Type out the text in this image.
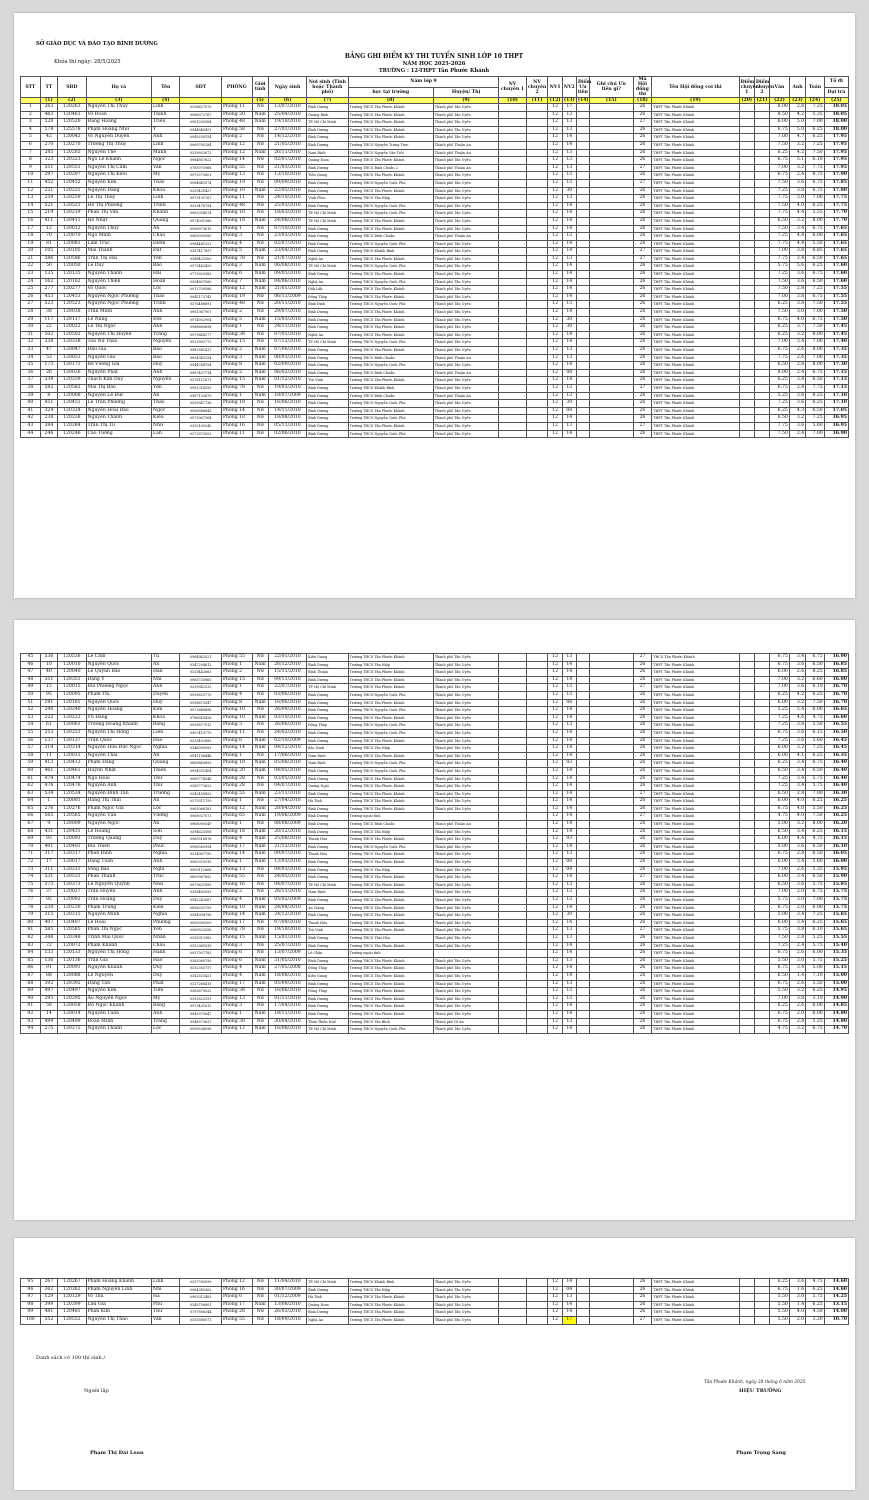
SỞ GIÁO DỤC VÀ ĐÀO TẠO BÌNH DƯƠNG
Khóa thi ngày: 28/5/2025
BẢNG GHI ĐIỂM KỲ THI TUYỂN SINH LỚP 10 THPT
NĂM HỌC 2025-2026
TRƯỜNG : 12-THPT Tân Phước Khánh
STT	TT	SBD	Họ và	Tên	SDT	PHÒNG	Giới tính	Ngày sinh	Nơi sinh (Tỉnh hoặc Thành phố)	Năm lớp 9		NV chuyên 1	NV chuyên 2	NV1	NV2	Điểm Ưu tiên	Ghi chú Ưu tiên gì?	Mã Hội đồng thi	Tên Hội đồng coi thi	Điểm chuyên 1	Điểm chuyên 2	Văn	Anh	Toán	Tổ đi
										học tại trường	Huyện/ Thị														Đại trà
	(1)	(2)	(3)	(4)			(5)	(6)	(7)	(8)	(9)	(10)	(11)	(12)	(13)	(14)	(15)	(18)	(19)	(20)	(21)	(22)	(23)	(24)	(25)
1	263	120263	Nguyễn Thị Thúy	Linh	0336627075	Phòng 11	Nữ	13/07/2010	Bình Dương	Trường THCS Tân Phước Khánh	Thành phố Tân Uyên			12	17			26	THPT Tân Phước Khánh			8.00	2.8	7.25	18.05
2	463	120463	Võ Đoàn	Thịnh	0966572767	Phòng 20	Nam	25/04/2010	Quảng Bình	Trường THCS Tân Phước Khánh	Thành phố Tân Uyên			12	13			26	THPT Tân Phước Khánh			8.50	4.2	5.35	18.05
3	520	120520	Đặng Hoàng	Triều	0961265584	Phòng 48	Nam	19/10/2010	TP. Hồ Chí Minh	Trường THCS Tân Phước Khánh	Thành phố Tân Uyên			12	13			27	THPT Tân Phước Khánh			6.00	5.0	7.00	18.00
4	578	125578	Phạm Hoàng Như	Ý	0944840451	Phòng 58	Nữ	27/01/2010	Bình Dương	Trường THCS Tân Phước Khánh	Thành phố Tân Uyên			12	13			26	THPT Tân Phước Khánh			6.75	5.0	6.25	18.00
5	42	120042	Võ Nguyễn Duyên	Anh	0949258154	Phòng 2	Nữ	14/12/2010	Bình Dương	Trường THCS Tân Phước Khánh	Thành phố Tân Uyên			12	14			26	THPT Tân Phước Khánh			7.00	4.7	6.25	17.95
6	270	120270	Trương Thị Thùy	Linh	0969785284	Phòng 12	Nữ	21/05/2010	Bình Dương	Trường THCS Nguyễn Trung Trực	Thành phố Thuận An			12	14			26	THPT Tân Phước Khánh			7.50	3.2	7.25	17.95
7	285	120285	Nguyễn Thế	Mạnh	0339932672	Phòng 12	Nam	26/11/2010	Nam Định	Trường THCS Nguyễn Văn Trỗi	Thành phố Thuận An			12	13			26	THPT Tân Phước Khánh			6.25	4.2	7.50	17.95
8	323	120323	Ngô Lê Khánh	Ngọc	0964807622	Phòng 14	Nữ	02/01/2010	Quảng Nam	Trường THCS Tân Phước Khánh	Thành phố Tân Uyên			12	13			26	THPT Tân Phước Khánh			6.75	5.1	6.10	17.95
9	551	120551	Nguyễn Thị Cẩm	Vân	0785075968	Phòng 55	Nữ	21/03/2010	Bình Dương	Trường THCS Bình Chuẩn 2	Thành phố Thuận An			12	13			27	THPT Tân Phước Khánh			7.00	3.2	7.75	17.95
10	297	120297	Nguyễn Thị Kiều	My	0975575601	Phòng 13	Nữ	13/10/2010	Tiền Giang	Trường THCS Tân Phước Khánh	Thành phố Tân Uyên			12	13			26	THPT Tân Phước Khánh			6.75	2.4	8.75	17.90
11	452	120452	Nguyễn Kim	Thảo	0984841074	Phòng 19	Nữ	09/09/2010	Bình Dương	Trường THCS Nguyễn Quốc Phú	Thành phố Tân Uyên			12	13			27	THPT Tân Phước Khánh			7.50	3.6	6.75	17.85
12	221	120221	Nguyễn Đăng	Khoa	0339435427	Phòng 10	Nam	22/05/2010	Bình Dương	Trường THCS Tân Phước Khánh	Thành phố Tân Uyên			12	30			26	THPT Tân Phước Khánh			7.25	3.8	6.75	17.80
13	259	120259	Lê Thị Thùy	Linh	0979131767	Phòng 11	Nữ	24/10/2010	Vĩnh Phúc	Trường THCS Tân Hiệp	Thành phố Tân Uyên			12	13			26	THPT Tân Phước Khánh			7.75	3.0	7.00	17.75
14	521	120521	Hồ Thị Phương	Trinh	0339478794	Phòng 48	Nữ	25/03/2010	Bình Dương	Trường THCS Nguyễn Quốc Phú	Thành phố Tân Uyên			12	14			26	THPT Tân Phước Khánh			7.50	4.0	6.25	17.75
15	219	120219	Phan Thị Vân	Khánh	0962054074	Phòng 10	Nữ	18/03/2010	TP. Hồ Chí Minh	Trường THCS Nguyễn Quốc Phú	Thành phố Tân Uyên			12	14			26	THPT Tân Phước Khánh			7.75	4.4	5.55	17.70
16	411	120411	Hồ Nhật	Quang	0974001386	Phòng 18	Nam	24/08/2010	TP. Hồ Chí Minh	Trường THCS Tân Phước Khánh	Thành phố Tân Uyên			12	14			26	THPT Tân Phước Khánh			6.50	3.2	8.00	17.70
17	12	120012	Nguyễn Thùy	An	0906973619	Phòng 1	Nữ	07/10/2010	Bình Dương	Trường THCS Tân Phước Khánh	Thành phố Tân Uyên			12	14			26	THPT Tân Phước Khánh			7.50	3.4	6.75	17.65
18	70	120070	Ngô Minh	Châu	0963090580	Phòng 3	Nữ	23/03/2010	Bình Dương	Trường THCS Bình Chuẩn	Thành phố Thuận An			12	13			26	THPT Tân Phước Khánh			7.25	4.4	6.00	17.65
19	81	120081	Lâm Trúc	Diễm	0984481322	Phòng 4	Nữ	02/07/2010	Bình Dương	Trường THCS Nguyễn Quốc Phú	Thành phố Tân Uyên			12	14			26	THPT Tân Phước Khánh			7.75	4.4	5.50	17.65
20	105	120105	Mai Thành	Đạt	0367417897	Phòng 5	Nam	23/04/2010	Bình Dương	Trường THCS Khánh Bình	Thành phố Tân Uyên			12	14			27	THPT Tân Phước Khánh			7.00	3.8	6.85	17.65
21	586	120586	Trần Thị Hải	Yến	0388421500	Phòng 78	Nữ	21/07/2010	Nghệ An	Trường THCS Tân Phước Khánh	Thành phố Tân Uyên			12	13			27	THPT Tân Phước Khánh			7.75	3.4	6.50	17.65
22	50	120050	Lê Duy	Bảo	0972443420	Phòng 3	Nam	06/08/2010	TP. Hồ Chí Minh	Trường THCS Nguyễn Quốc Phú	Thành phố Tân Uyên			12	14			26	THPT Tân Phước Khánh			5.75	5.6	6.25	17.60
23	135	120135	Nguyễn Thành	Hải	0773920383	Phòng 6	Nam	09/05/2010	Bình Dương	Trường THCS Tân Phước Khánh	Thành phố Tân Uyên			12	14			26	THPT Tân Phước Khánh			7.25	3.6	6.75	17.60
24	162	120162	Nguyễn Thiện	Hoàn	0904807060	Phòng 7	Nam	04/06/2010	Nghệ An	Trường THCS Nguyễn Quốc Phú	Thành phố Tân Uyên			12	14			26	THPT Tân Phước Khánh			7.50	3.6	6.50	17.60
25	277	120277	Võ Quốc	Lộc	0912709586	Phòng 12	Nam	21/01/2010	Đắk Lắk	Trường THCS Tân Phước Khánh	Thành phố Tân Uyên			12	14			26	THPT Tân Phước Khánh			7.50	2.8	7.25	17.55
26	453	120453	Nguyễn Ngọc Phương	Thảo	0945173745	Phòng 19	Nữ	06/11/2009	Đồng Tháp	Trường THCS Tân Phước Khánh	Thành phố Tân Uyên			12	14			26	THPT Tân Phước Khánh			7.00	3.8	6.75	17.55
27	523	120523	Nguyễn Ngọc Phương	Trinh	0376488891	Phòng 48	Nữ	20/11/2010	Bình Định	Trường THCS Nguyễn Quốc Phú	Thành phố Tân Uyên			12	13			26	THPT Tân Phước Khánh			6.25	3.8	7.50	17.55
28	38	120038	Trần Minh	Anh	0961367907	Phòng 2	Nữ	29/07/2010	Bình Dương	Trường THCS Tân Phước Khánh	Thành phố Tân Uyên			12	14			26	THPT Tân Phước Khánh			7.50	3.0	7.00	17.50
29	117	120117	Lê Năng	Đức	0974952904	Phòng 5	Nam	15/03/2010	Bình Dương	Trường THCS Tân Phước Khánh	Thành phố Tân Uyên			12	30			26	THPT Tân Phước Khánh			6.75	4.0	6.75	17.50
30	22	120022	Lê Thị Ngọc	Anh	0988860698	Phòng 1	Nữ	24/11/2010	Bình Dương	Trường THCS Tân Phước Khánh	Thành phố Tân Uyên			12	30			26	THPT Tân Phước Khánh			6.25	3.7	7.50	17.45
31	502	120502	Nguyễn Thị Huyền	Trang	0975848277	Phòng 38	Nữ	07/01/2010	Nghệ An	Trường THCS Tân Phước Khánh	Thành phố Tân Uyên			12	14			26	THPT Tân Phước Khánh			6.25	3.2	8.00	17.45
32	338	120338	Tôn Nữ Thảo	Nguyên	0923993773	Phòng 15	Nữ	07/12/2010	TP. Hồ Chí Minh	Trường THCS Nguyễn Quốc Phú	Thành phố Tân Uyên			12	14			26	THPT Tân Phước Khánh			7.00	3.4	7.00	17.40
33	47	120047	Đậu Gia	Bảo	0982581437	Phòng 2	Nam	07/06/2010	Bình Dương	Trường THCS Tân Phước Khánh	Thành phố Tân Uyên			12	13			26	THPT Tân Phước Khánh			6.75	2.6	8.00	17.35
34	53	120053	Nguyễn Gia	Bảo	0904343154	Phòng 3	Nam	08/03/2010	Bình Dương	Trường THCS Bình Chuẩn	Thành phố Thuận An			12	13			26	THPT Tân Phước Khánh			7.75	2.6	7.00	17.35
35	173	120173	Bồ Vương Gia	Huy	0944764754	Phòng 8	Nam	02/09/2010	Bình Dương	Trường THCS Nguyễn Quốc Phú	Thành phố Tân Uyên			12	14			26	THPT Tân Phước Khánh			6.50	2.8	8.00	17.30
36	26	120026	Nguyễn Phát	Anh	0967407714	Phòng 2	Nam	06/02/2010	Bình Dương	Trường THCS Bình Chuẩn	Thành phố Thuận An			12	08			26	THPT Tân Phước Khánh			8.00	2.4	6.75	17.15
37	339	120339	Thạch Kim Duy	Nguyễn	0378111671	Phòng 15	Nam	01/12/2010	Trà Vinh	Trường THCS Tân Phước Khánh	Thành phố Tân Uyên			12	14			26	THPT Tân Phước Khánh			6.25	3.4	6.50	17.15
38	582	120582	Mai Thị Bảo	Yến	0981318555	Phòng 78	Nữ	19/03/2010	Bình Dương	Trường THCS Khánh Bình	Thành phố Tân Uyên			12	13			27	THPT Tân Phước Khánh			6.75	2.4	7.75	17.15
39	8	120008	Nguyễn Lê Đức	An	0967132679	Phòng 1	Nam	18/07/2009	Bình Dương	Trường THCS Bình Chuẩn	Thành phố Thuận An			12	13			26	THPT Tân Phước Khánh			5.25	3.6	8.25	17.10
40	451	120451	Lê Trần Phương	Thảo	0539547736	Phòng 18	Nữ	16/06/2010	Bình Dương	Trường THCS Nguyễn Quốc Phú	Thành phố Tân Uyên			12	30			26	THPT Tân Phước Khánh			7.25	3.6	6.25	17.10
41	324	120324	Nguyễn Hoài Bảo	Ngọc	0906546643	Phòng 14	Nữ	14/11/2010	Bình Dương	Trường THCS Tân Phước Khánh	Thành phố Tân Uyên			12	08			26	THPT Tân Phước Khánh			6.25	4.3	6.50	17.05
42	238	120238	Nguyễn Thành	Kiều	0973067164	Phòng 10	Nữ	18/08/2010	Bình Dương	Trường THCS Nguyễn Quốc Phú	Thành phố Tân Uyên			12	14			26	THPT Tân Phước Khánh			6.50	3.2	7.25	16.95
43	384	120384	Trần Thị Tú	Như	0393190240	Phòng 16	Nữ	05/11/2010	Bình Dương	Trường THCS Tân Phước Khánh	Thành phố Tân Uyên			12	13			27	THPT Tân Phước Khánh			7.75	3.6	5.60	16.95
44	246	120246	Cao Tường	Lan	0372875003	Phòng 11	Nữ	02/06/2010	Bình Dương	Trường THCS Nguyễn Quốc Phú	Thành phố Tân Uyên			12	14			26	THPT Tân Phước Khánh			7.50	2.4	7.00	16.90
45	536	120536	Lê Cầm	Tú	0964942021	Phòng 55	Nữ	22/01/2010	Kiên Giang	Trường THCS Tân Phước Khánh	Thành phố Tân Uyên			12	13			27	THCS Tân Phước Khánh			6.75	3.4	6.75	16.90
46	10	120010	Nguyễn Quốc	An	0347294612	Phòng 1	Nam	26/12/2010	Bình Dương	Trường THCS Tân Hiệp	Thành phố Tân Uyên			12	14			26	THPT Tân Phước Khánh			6.75	3.6	6.50	16.85
47	40	120040	Lê Quỳnh Bảo	Hân	0329442663	Phòng 2	Nữ	15/11/2010	Bình Thuận	Trường THCS Tân Phước Khánh	Thành phố Tân Uyên			12	14			26	THPT Tân Phước Khánh			6.00	2.6	8.25	16.85
48	351	120351	Đặng Ý	Nhi	0965735865	Phòng 15	Nữ	09/11/2010	Bình Dương	Trường THCS Tân Phước Khánh	Thành phố Tân Uyên			12	14			26	THPT Tân Phước Khánh			7.00	3.2	6.60	16.80
49	15	120015	Bùi Phương Ngọc	Anh	0339942532	Phòng 1	Nữ	22/07/2010	TP. Hồ Chí Minh	Trường THCS Tân Phước Khánh	Thành phố Tân Uyên			12	13			27	THPT Tân Phước Khánh			7.00	3.6	6.10	16.70
50	95	120095	Phạm Thị	Duyên	0935620770	Phòng 4	Nữ	03/06/2010	Bình Dương	Trường THCS Nguyễn Quốc Phú	Thành phố Tân Uyên			12	13			26	THPT Tân Phước Khánh			6.25	4.2	6.25	16.70
51	181	120181	Nguyễn Quốc	Huy	0938675347	Phòng 8	Nam	16/06/2010	Bình Dương	Trường THCS Tân Phước Khánh	Thành phố Tân Uyên			12	08			26	THPT Tân Phước Khánh			6.00	3.2	7.50	16.70
52	240	120240	Nguyễn Hoàng	Kim	0973648698	Phòng 10	Nữ	26/09/2010	Bình Dương	Trường THCS Nguyễn Quốc Phú	Thành phố Tân Uyên			12	14			26	THPT Tân Phước Khánh			5.25	5.4	6.00	16.65
53	222	120222	Vũ Đăng	Khoa	0786549428	Phòng 10	Nam	03/10/2010	Bình Dương	Trường THCS Tân Phước Khánh	Thành phố Tân Uyên			12	14			26	THPT Tân Phước Khánh			7.25	4.6	4.75	16.60
54	61	120061	Trương Hoàng Khánh	Băng	0939877912	Phòng 3	Nữ	26/06/2010	Đồng Tháp	Trường THCS Nguyễn Quốc Phú	Thành phố Tân Uyên			12	13			26	THPT Tân Phước Khánh			7.25	3.8	5.50	16.55
55	253	120253	Nguyễn Thị Hồng	Liên	0907419779	Phòng 11	Nữ	24/02/2010	Bình Dương	Trường THCS Nguyễn Quốc Phú	Thành phố Tân Uyên			12	14			26	THPT Tân Phước Khánh			6.75	3.6	6.15	16.50
56	137	120137	Trần Quốc	Hào	0333492885	Phòng 6	Nam	02/10/2009	Bình Dương	Trường THCS Tân Phước Khánh	Thành phố Tân Uyên			12	14			26	THPT Tân Phước Khánh			7.25	3.6	5.60	16.45
57	314	120314	Nguyễn Hữu Đức Ngọc	Nghĩa	0346990993	Phòng 14	Nam	04/12/2010	Bắc Ninh	Trường THCS Tân Hiệp	Thành phố Tân Uyên			12	14			26	THPT Tân Phước Khánh			6.00	3.2	7.25	16.45
58	11	120011	Nguyễn Thái	An	0941196446	Phòng 1	Nữ	17/06/2010	Nam Định	Trường THCS Tân Phước Khánh	Thành phố Tân Uyên			12	14			26	THPT Tân Phước Khánh			6.00	4.1	6.25	16.35
59	413	120413	Phạm Đăng	Quang	0869849893	Phòng 18	Nam	05/08/2010	Nam Định	Trường THCS Nguyễn Quốc Phú	Thành phố Tân Uyên			12	03			26	THPT Tân Phước Khánh			6.25	3.4	6.75	16.40
60	461	120461	Huỳnh Nhật	Thiên	0904531404	Phòng 20	Nam	04/05/2010	Bình Dương	Trường THCS Nguyễn Quốc Phú	Thành phố Tân Uyên			12	14			26	THPT Tân Phước Khánh			6.50	3.4	6.50	16.40
61	474	120474	Ngô Hoài	Thư	0965774346	Phòng 28	Nữ	03/05/2010	Bình Dương	Trường THCS Tân Phước Khánh	Thành phố Tân Uyên			12	14			26	THPT Tân Phước Khánh			7.25	3.4	5.75	16.40
62	476	120476	Nguyễn Anh	Thư	0365773622	Phòng 28	Nữ	04/07/2010	Quảng Ngãi	Trường THCS Tân Phước Khánh	Thành phố Tân Uyên			12	14			26	THPT Tân Phước Khánh			7.25	3.4	5.75	16.40
63	534	120534	Nguyễn Đình Tấn	Trường	0342459852	Phòng 55	Nam	23/11/2010	Bình Dương	Trường THCS Tân Phước Khánh	Thành phố Tân Uyên			12	14			27	THPT Tân Phước Khánh			6.50	2.8	7.00	16.30
64	1	120001	Hàng Thị Thái	An	0375311759	Phòng 1	Nữ	27/04/2010	Hà Tĩnh	Trường THCS Tân Phước Khánh	Thành phố Tân Uyên			12	14			26	THPT Tân Phước Khánh			6.00	4.0	6.25	16.25
65	276	120276	Phạm Ngọc Gia	Lộc	0962066183	Phòng 12	Nam	28/04/2010	Bình Dương	Trường THCS Tân Phước Khánh	Thành phố Tân Uyên			12	14			26	THPT Tân Phước Khánh			6.75	4.0	5.50	16.25
66	565	120565	Nguyễn Văn	Vương	0968927073	Phòng 65	Nam	19/06/2009	Bình Dương	Trường ngoài tỉnh				12	14			27	THPT Tân Phước Khánh			4.75	4.0	7.50	16.25
67	9	120009	Nguyễn Ngọc	An	0968090549	Phòng 1	Nữ	08/08/2009	Bình Dương	Trường THCS Bình Chuẩn	Thành phố Thuận An			12	14			26	THPT Tân Phước Khánh			5.00	3.2	8.00	16.20
68	431	120431	Lê Hoàng	Sơn	0394625308	Phòng 18	Nam	20/12/2010	Bình Dương	Trường THCS Tân Hiệp	Thành phố Tân Uyên			12	14			26	THPT Tân Phước Khánh			6.50	3.4	6.25	16.15
69	93	120093	Trương Quang	Duy	0965516876	Phòng 4	Nam	25/08/2010	Thanh Hóa	Trường THCS Tân Phước Khánh	Thành phố Tân Uyên			12	03			26	THPT Tân Phước Khánh			6.00	4.4	4.75	16.15
70	401	120401	Bùi Thiên	Phúc	0906360994	Phòng 17	Nam	21/12/2010	Bình Dương	Trường THCS Nguyễn Quốc Phú	Thành phố Tân Uyên			12	14			26	THPT Tân Phước Khánh			5.00	3.6	6.50	16.10
71	317	120317	Phan Đình	Nghĩa	0334967750	Phòng 14	Nam	09/07/2010	Thanh Hóa	Trường THCS Tân Phước Khánh	Thành phố Tân Uyên			12	13			26	THPT Tân Phước Khánh			6.75	2.8	6.50	16.05
72	17	120017	Đặng Tuấn	Anh	0962925919	Phòng 1	Nam	13/03/2010	Bình Dương	Trường THCS Tân Phước Khánh	Thành phố Tân Uyên			12	08			26	THPT Tân Phước Khánh			6.00	3.4	5.60	16.00
73	311	120311	Vòng Bảo	Nghi	0909112668	Phòng 13	Nữ	04/03/2010	Bình Dương	Trường THCS Tân Hiệp	Thành phố Tân Uyên			12	04			26	THPT Tân Phước Khánh			7.00	2.6	5.35	15.95
74	531	120531	Phan Thanh	Trúc	0850967652	Phòng 55	Nữ	24/05/2010	Bình Dương	Trường THCS Tân Phước Khánh	Thành phố Tân Uyên			12	14			27	THPT Tân Phước Khánh			6.00	3.4	6.50	15.90
75	373	120373	Lê Nguyễn Quỳnh	Như	0979621895	Phòng 16	Nữ	04/07/2010	TP. Hồ Chí Minh	Trường THCS Tân Phước Khánh	Thành phố Tân Uyên			12	13			26	THPT Tân Phước Khánh			6.50	3.6	5.75	15.85
76	37	120037	Trần Huyền	Anh	0358483593	Phòng 2	Nữ	26/11/2010	Nam Định	Trường THCS Tân Phước Khánh	Thành phố Tân Uyên			12	13			26	THPT Tân Phước Khánh			7.00	2.0	6.75	15.75
77	92	120092	Trần Hoàng	Duy	0942242067	Phòng 4	Nam	05/02/2009	Bình Dương	Trường THCS Tân Phước Khánh	Thành phố Tân Uyên			12	13			26	THPT Tân Phước Khánh			5.75	3.0	7.00	15.75
78	230	120230	Phạm Trung	Kiên	0858202759	Phòng 10	Nam	24/08/2010	An Giang	Trường THCS Tân Phước Khánh	Thành phố Tân Uyên			12	14			26	THPT Tân Phước Khánh			6.75	2.0	6.00	15.75
79	315	120315	Nguyễn Minh	Nghĩa	0384904796	Phòng 14	Nam	24/12/2010	Bình Dương	Trường THCS Tân Phước Khánh	Thành phố Tân Uyên			12	30			26	THPT Tân Phước Khánh			5.00	3.4	7.25	15.65
80	407	120407	Lê Hoài	Phương	0909390309	Phòng 17	Nữ	07/09/2010	Thanh Hóa	Trường THCS Tân Phước Khánh	Thành phố Tân Uyên			12	14			26	THPT Tân Phước Khánh			6.00	3.4	6.25	15.65
81	585	120585	Phan Thị Ngọc	Yến	0969523556	Phòng 78	Nữ	19/10/2010	Trà Vinh	Trường THCS Tân Phước Khánh	Thành phố Tân Uyên			12	13			27	THPT Tân Phước Khánh			5.75	3.8	6.10	15.65
82	348	120348	Trịnh Mai Quốc	Nhân	0335012982	Phòng 15	Nam	15/01/2010	Bình Dương	Trường THCS Thái Hòa	Thành phố Tân Uyên			12	13			26	THPT Tân Phước Khánh			7.50	2.8	5.25	15.55
83	72	120072	Phạm Khánh	Châu	0352961819	Phòng 3	Nữ	25/07/2010	Bình Dương	Trường THCS Tân Phước Khánh	Thành phố Tân Uyên			12	14			26	THPT Tân Phước Khánh			7.25	2.4	5.75	15.40
84	133	120133	Nguyễn Thị Hồng	Hạnh	0937507783	Phòng 6	Nữ	13/07/2009	Lê Chân	Trường ngoài tỉnh				12	14			26	THPT Tân Phước Khánh			6.75	2.6	6.00	15.35
85	136	120136	Trần Gia	Hào	0383080790	Phòng 6	Nam	31/05/2010	Bình Dương	Trường THCS Tân Phước Khánh	Thành phố Tân Uyên			12	13			26	THPT Tân Phước Khánh			5.50	3.0	5.75	15.25
86	91	120091	Nguyễn Khánh	Duy	0332355757	Phòng 4	Nam	27/05/2008	Đồng Tháp	Trường THCS Tân Phước Khánh	Thành phố Tân Uyên			12	14			26	THPT Tân Phước Khánh			6.75	3.4	5.00	15.15
87	88	120088	Lê Nguyễn	Duy	0342633421	Phòng 4	Nam	18/08/2010	Kiên Giang	Trường THCS Tân Phước Khánh	Thành phố Tân Uyên			12	14			26	THPT Tân Phước Khánh			6.50	1.4	7.10	15.00
88	392	120392	Đặng Tấn	Phát	0327268419	Phòng 17	Nam	05/09/2010	Bình Dương	Trường THCS Tân Phước Khánh	Thành phố Tân Uyên			12	13			26	THPT Tân Phước Khánh			6.75	2.6	5.50	15.00
89	497	120497	Nguyễn Kim	Tiền	0383679022	Phòng 38	Nữ	16/06/2010	Đồng Tháp	Trường THCS Tân Phước Khánh	Thành phố Tân Uyên			12	13			26	THPT Tân Phước Khánh			5.50	3.2	6.25	14.95
90	295	120295	Âu Nguyễn Ngọc	My	0392823191	Phòng 13	Nữ	01/11/2010	Bình Dương	Trường THCS Tân Phước Khánh	Thành phố Tân Uyên			12	13			26	THPT Tân Phước Khánh			7.00	3.8	3.10	14.90
91	58	120058	Đỗ Ngọc Khánh	Băng	0973431612	Phòng 3	Nữ	17/04/2010	Bình Dương	Trường THCS Tân Phước Khánh	Thành phố Tân Uyên			12	14			26	THPT Tân Phước Khánh			6.25	2.6	6.00	14.85
92	14	120014	Nguyễn Tuấn	Anh	0949375847	Phòng 1	Nam	18/11/2010	Bình Dương	Trường THCS Tân Phước Khánh	Thành phố Tân Uyên			12	14			26	THPT Tân Phước Khánh			6.75	2.0	6.00	14.80
93	499	120499	Đoàn Minh	Trang	0948573637	Phòng 38	Nữ	20/04/2010	Thừa Thiên Huế	Trường THCS Tân Bình	Thành phố Dĩ An			12	13			26	THPT Tân Phước Khánh			6.75	2.8	5.25	14.80
94	275	120275	Nguyễn Thành	Lộc	0908538098	Phòng 12	Nam	16/08/2010	TP. Hồ Chí Minh	Trường THCS Nguyễn Quốc Phú	Thành phố Tân Uyên			12	14			26	THPT Tân Phước Khánh			4.75	3.2	6.75	14.70
95	267	120267	Phạm Hoàng Khánh	Linh	0397769099	Phòng 12	Nữ	11/04/2010	TP. Hồ Chí Minh	Trường THCS Khánh Bình	Thành phố Tân Uyên			12	14			26	THPT Tân Phước Khánh			6.25	3.6	4.75	14.60
96	362	120362	Phạm Nguyễn Linh	Nhi	0964385362	Phòng 16	Nữ	30/07/2009	Bình Dương	Trường THCS Tân Hiệp	Thành phố Tân Uyên			12	04			26	THPT Tân Phước Khánh			6.75	1.6	6.25	14.60
97	129	120129	Võ Thu	Hà	0962012483	Phòng 6	Nữ	01/12/2009	Hà Tĩnh	Trường THCS Tân Phước Khánh	Thành phố Tân Uyên			12	13			26	THPT Tân Phước Khánh			5.50	3.0	5.75	14.25
98	399	120399	Lưu Gia	Phú	0349756801	Phòng 17	Nam	13/08/2010	Quảng Nam	Trường THCS Tân Phước Khánh	Thành phố Tân Uyên			12	14			26	THPT Tân Phước Khánh			5.50	1.4	6.25	13.15
99	481	120481	Phan Kim	Thư	0797806344	Phòng 28	Nữ	26/03/2010	Bình Dương	Trường THCS Tân Phước Khánh	Thành phố Tân Uyên			12	14			26	THPT Tân Phước Khánh			5.50	4.0	4.50	14.00
100	552	120552	Nguyễn Thị Thảo	Vân	0355580071	Phòng 55	Nữ	18/09/2010	Nghệ An	Trường THCS Tân Phước Khánh	Thành phố Tân Uyên			12	17			27	THPT Tân Phước Khánh			5.50	2.0	3.20	10.70
Danh sách có 100 thí sinh./.
Tân Phước Khánh, ngày 28 tháng 6 năm 2025
HIỆU TRƯỞNG
Người lập
Phạm Thị Đài Loan	Phạm Trọng Sang
